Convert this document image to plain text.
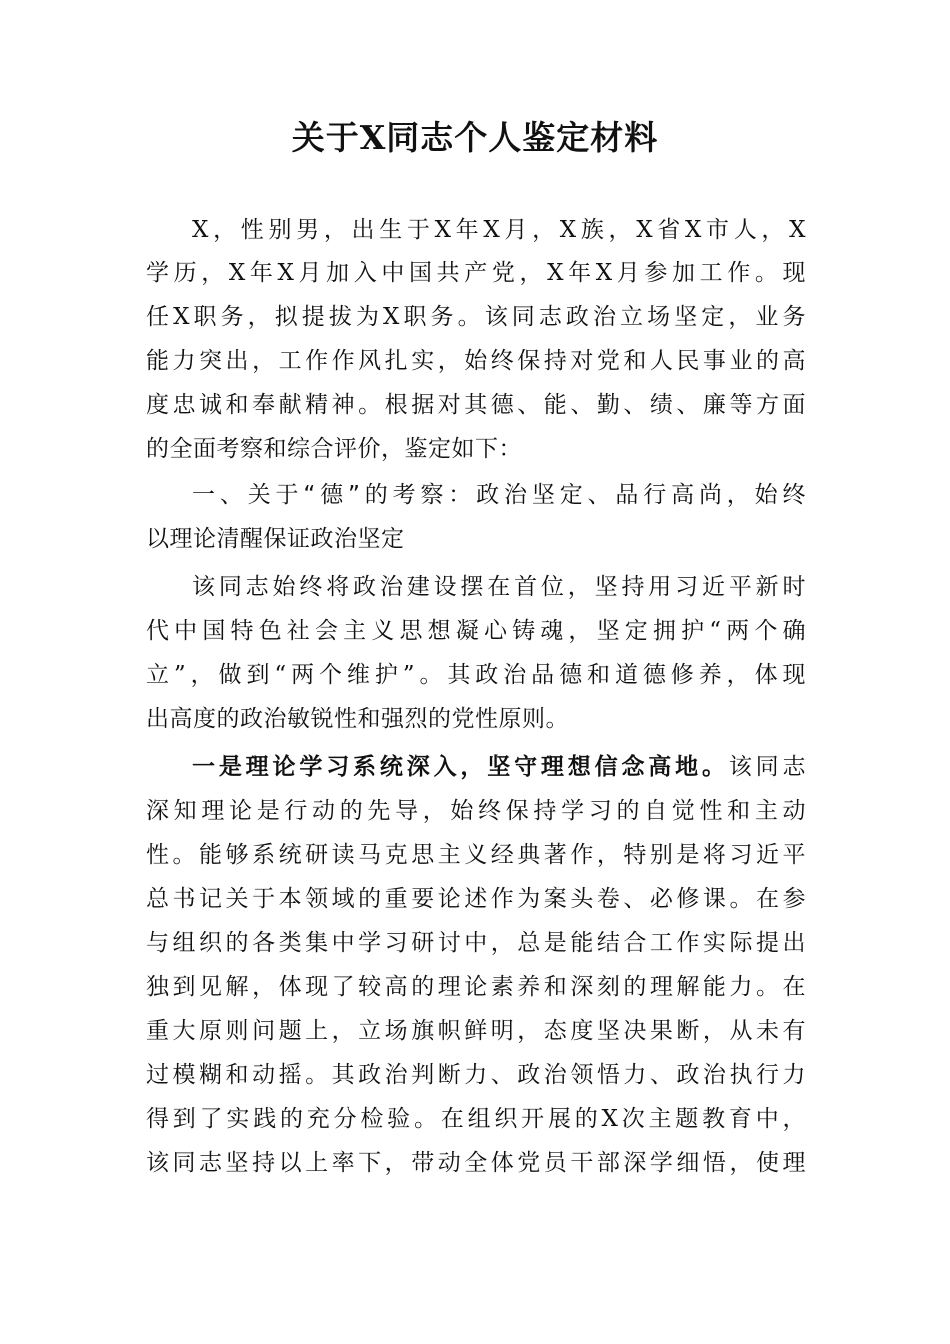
关于X同志个人鉴定材料
X，性别男，出生于X年X月，X族，X省X市人，X
学历，X年X月加入中国共产党，X年X月参加工作。现
任X职务，拟提拔为X职务。该同志政治立场坚定，业务
能力突出，工作作风扎实，始终保持对党和人民事业的高
度忠诚和奉献精神。根据对其德、能、勤、绩、廉等方面
的全面考察和综合评价，鉴定如下：
一、关于“德”的考察：政治坚定、品行高尚，始终
以理论清醒保证政治坚定
该同志始终将政治建设摆在首位，坚持用习近平新时
代中国特色社会主义思想凝心铸魂，坚定拥护“两个确
立”，做到“两个维护”。其政治品德和道德修养，体现
出高度的政治敏锐性和强烈的党性原则。
一是理论学习系统深入，坚守理想信念高地。该同志
深知理论是行动的先导，始终保持学习的自觉性和主动
性。能够系统研读马克思主义经典著作，特别是将习近平
总书记关于本领域的重要论述作为案头卷、必修课。在参
与组织的各类集中学习研讨中，总是能结合工作实际提出
独到见解，体现了较高的理论素养和深刻的理解能力。在
重大原则问题上，立场旗帜鲜明，态度坚决果断，从未有
过模糊和动摇。其政治判断力、政治领悟力、政治执行力
得到了实践的充分检验。在组织开展的X次主题教育中，
该同志坚持以上率下，带动全体党员干部深学细悟，使理
